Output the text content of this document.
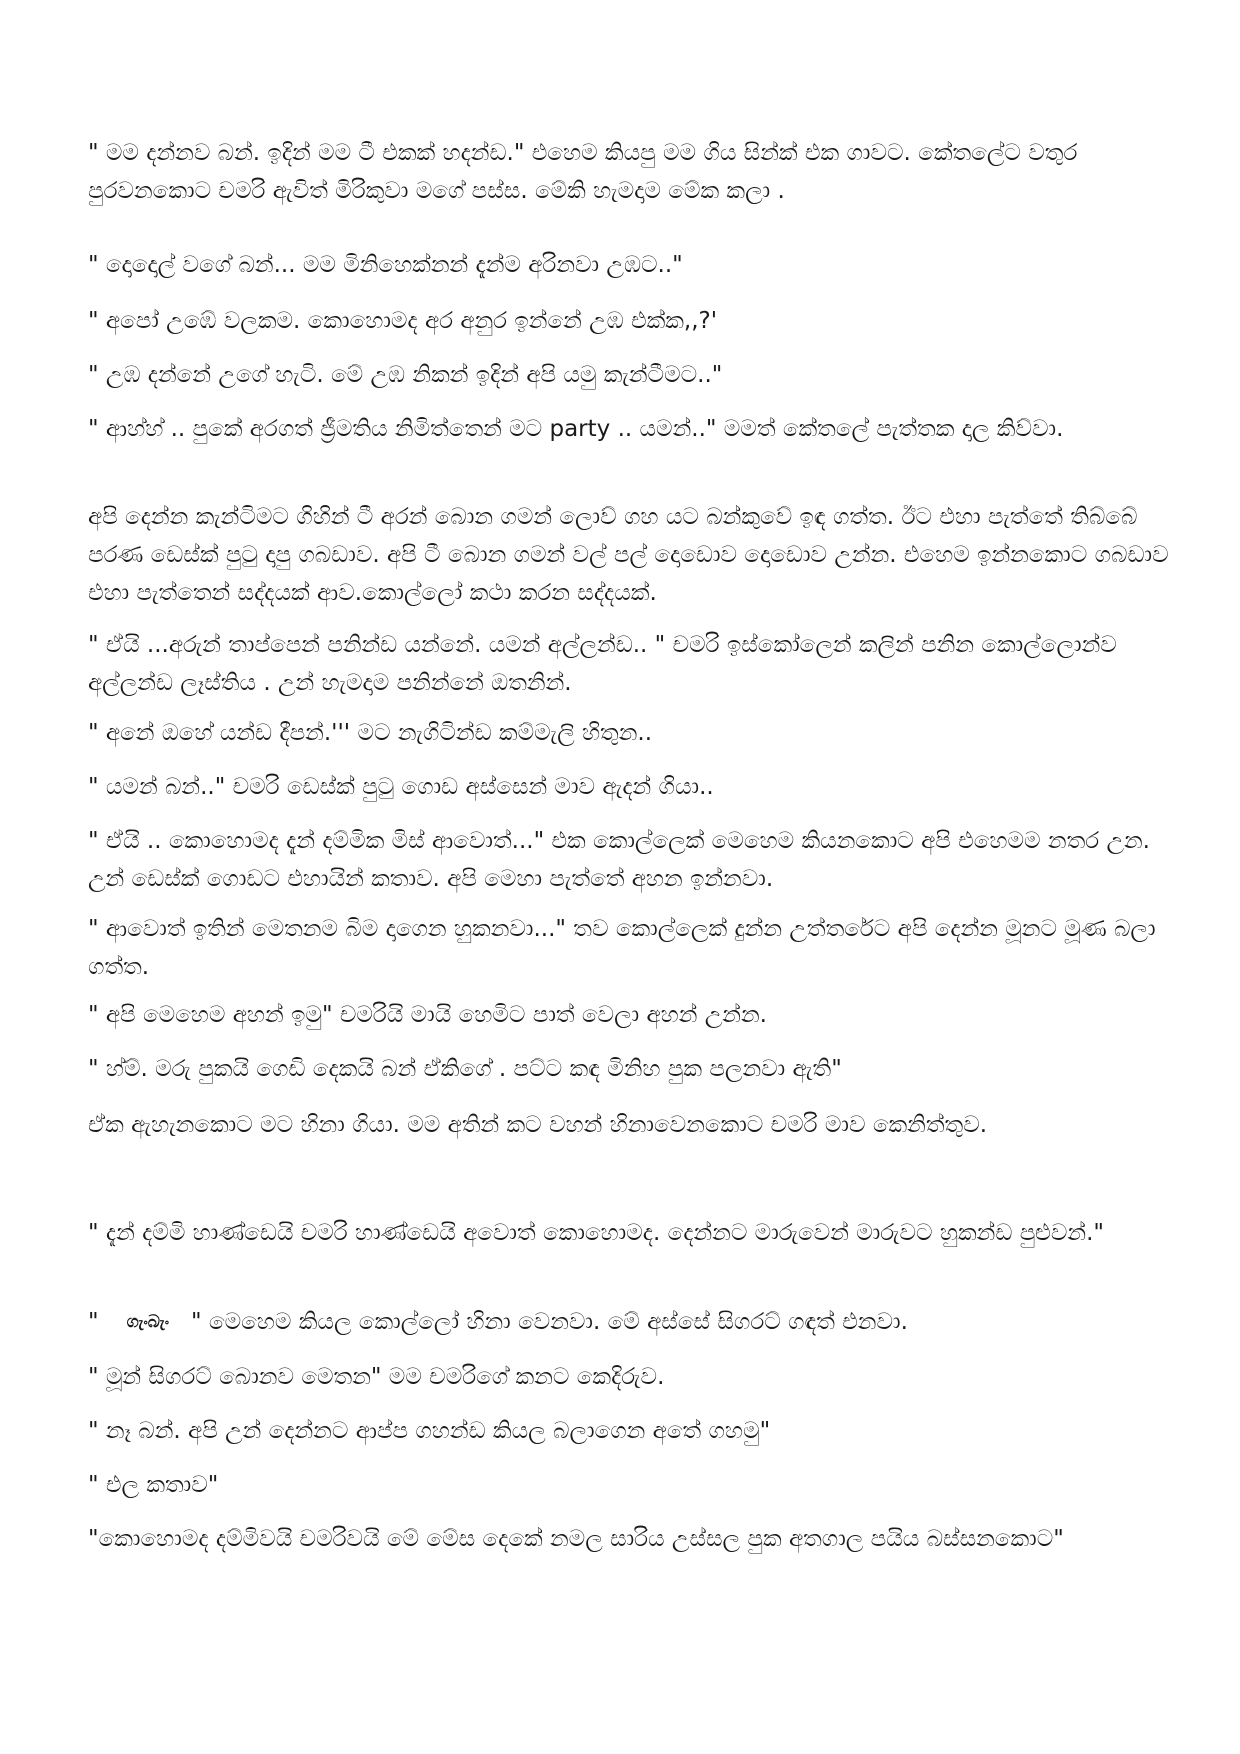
" මම දන්නව බන්. ඉදින් මම ටී එකක් හදන්ඩ." එහෙම කියපු මම ගිය සින්ක් එක ගාවට. කේතලේට වතුර පුරවනකොට චමරි ඇවිත් මිරිකුවා මගේ පස්ස. මේකි හැමදාම මේක කලා .

" දොදොල් වගේ බන්... මම මිනිහෙක්නන් දැන්ම අරිනවා උඹට.."

" අපෝ උඹේ වලකම. කොහොමද අර අනුර ඉන්නේ උඹ එක්ක,,?'

" උඹ දන්නේ උගේ හැටි. මේ උඹ නිකන් ඉදින් අපි යමු කැන්ටීමට.."

" ආහ්හ් .. පුකේ අරගත් ජ්‍රීමතිය නිමිත්තෙන් මට party .. යමන්.." මමත් කේතලේ පැත්තක දාල කිව්වා.

අපි දෙන්න කැන්ටිමට ගිහින් ටී අරන් බොන ගමන් ලොව් ගහ යට බන්කුවේ ඉඳ ගත්ත. ඊට එහා පැත්තේ තිබ්බේ පරණ ඩෙස්ක් පුටු දාපු ගබඩාව. අපි ටී බොන ගමන් වල් පල් දොඩොව දොඩොව උන්න. එහෙම ඉන්නකොට ගබඩාව එහා පැත්තෙන් සද්දයක් ආව.කොල්ලෝ කථා කරන සද්දයක්.

" ඒයි ...අරුන් තාප්පෙන් පනින්ඩ යන්නේ. යමන් අල්ලන්ඩ.. " චමරි ඉස්කෝලෙන් කලින් පනින කොල්ලොන්ව අල්ලන්ඩ ලෑස්තිය . උන් හැමදාම පනින්නේ ඔතනින්.

" අනේ ඔහේ යන්ඩ දීපන්.''' මට නැගිටින්ඩ කම්මැලි හිතුන..

" යමන් බන්.." චමරි ඩෙස්ක් පුටු ගොඩ අස්සෙන් මාව ඇදන් ගියා..

" ඒයි .. කොහොමද දැන් දම්මික මිස් ආවොත්..." එක කොල්ලෙක් මෙහෙම කියනකොට අපි එහෙමම නතර උන. උන් ඩෙස්ක් ගොඩට එහායින් කතාව. අපි මෙහා පැත්තේ අහන ඉන්නවා.

" ආවොත් ඉතින් මෙතනම බිම දාගෙන හුකනවා..." තව කොල්ලෙක් දුන්න උත්තරේට අපි දෙන්න මූනට මූණ බලා ගත්ත.

" අපි මෙහෙම අහන් ඉමු" චමරියි මායි හෙමිට පාත් වෙලා අහන් උන්න.

" හ්ම්. මරු පුකයි ගෙඩි දෙකයි බන් ඒකිගේ . පට්ට කඳ මිනිහ පුක පලනවා ඇති"

ඒක ඇහැනකොට මට හිනා ගියා. මම අතින් කට වහන් හිනාවෙනකොට චමරි මාව කෙනිත්තුව.

" දැන් දම්මි හාණ්ඩෙයි චමරි හාණ්ඩෙයි අවොත් කොහොමද. දෙන්නට මාරුවෙන් මාරුවට හුකන්ඩ පුළුවන්."

" ගැංබැං " මෙහෙම කියල කොල්ලෝ හිනා වෙනවා. මේ අස්සේ සිගරට් ගඳත් එනවා.

" මූන් සිගරට් බොනව මෙතන" මම චමරිගේ කනට කෙදිරුව.

" නෑ බන්. අපි උන් දෙන්නට ආප්ප ගහන්ඩ කියල බලාගෙන අතේ ගහමු"

" එල කතාව"

"කොහොමද දම්මිවයි චමරිවයි මේ මේස දෙකේ නමල සාරිය උස්සල පුක අතගාල පයිය බස්සනකොට"
